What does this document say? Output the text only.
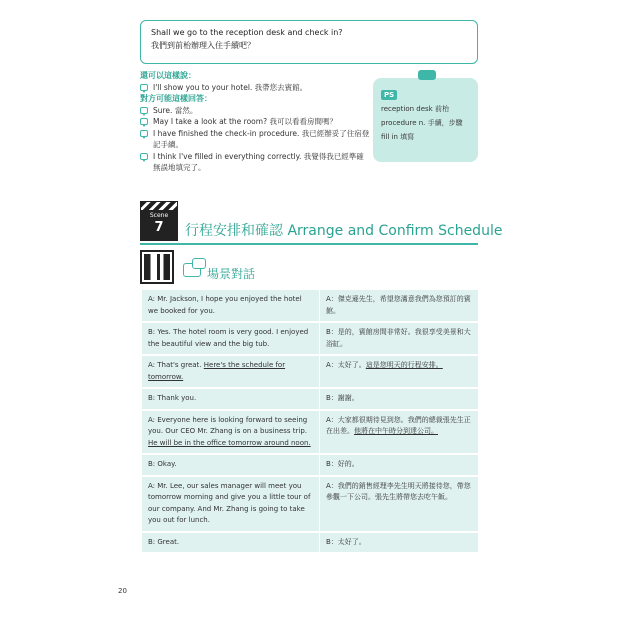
Shall we go to the reception desk and check in?
我們到前枱辦理入住手續吧？
還可以這樣說：
I'll show you to your hotel. 我帶您去賓館。
對方可能這樣回答：
Sure. 當然。
May I take a look at the room? 我可以看看房間嗎？
I have finished the check-in procedure. 我已經辦妥了住宿登記手續。
I think I've filled in everything correctly. 我覺得我已經準確無誤地填完了。
PS
reception desk 前枱
procedure n. 手續，步驟
fill in 填寫
Scene
7	行程安排和確認 Arrange and Confirm Schedule
場景對話
A: Mr. Jackson, I hope you enjoyed the hotel we booked for you.
A：傑克遜先生，希望您滿意我們為您預訂的賓館。
B: Yes. The hotel room is very good. I enjoyed the beautiful view and the big tub.
B：是的，賓館房間非常好。我很享受美景和大浴缸。
A: That's great. Here's the schedule for tomorrow.
A：太好了。這是您明天的行程安排。
B: Thank you.	B：謝謝。
A: Everyone here is looking forward to seeing you. Our CEO Mr. Zhang is on a business trip. He will be in the office tomorrow around noon.
A：大家都很期待見到您。我們的總裁張先生正在出差。他將在中午時分到達公司。
B: Okay.	B：好的。
A: Mr. Lee, our sales manager will meet you tomorrow morning and give you a little tour of our company. And Mr. Zhang is going to take you out for lunch.
A：我們的銷售經理李先生明天將接待您，帶您參觀一下公司。張先生將帶您去吃午飯。
B: Great.	B：太好了。
20
